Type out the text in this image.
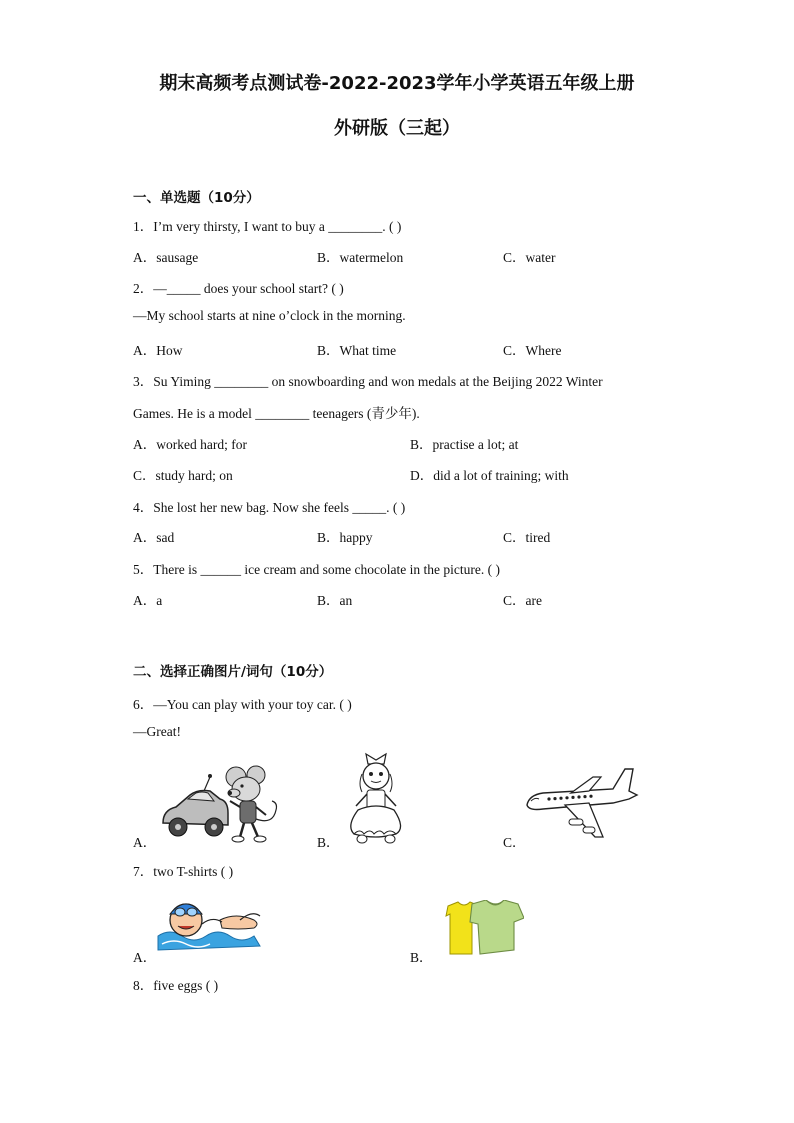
期末高频考点测试卷-2022-2023学年小学英语五年级上册
外研版（三起）
一、单选题（10分）
1．I’m very thirsty, I want to buy a ________. ( )
A．sausage	B．watermelon	C．water
2．—_____ does your school start? ( )
—My school starts at nine o’clock in the morning.
A．How	B．What time	C．Where
3．Su Yiming ________ on snowboarding and won medals at the Beijing 2022 Winter
Games. He is a model ________ teenagers (青少年).
A．worked hard; for	B．practise a lot; at
C．study hard; on	D．did a lot of training; with
4．She lost her new bag. Now she feels _____. ( )
A．sad	B．happy	C．tired
5．There is ______ ice cream and some chocolate in the picture. ( )
A．a	B．an	C．are
二、选择正确图片/词句（10分）
6．—You can play with your toy car. ( )
—Great!
A．	B．	C．
7．two T-shirts ( )
A．	B．
8．five eggs ( )
